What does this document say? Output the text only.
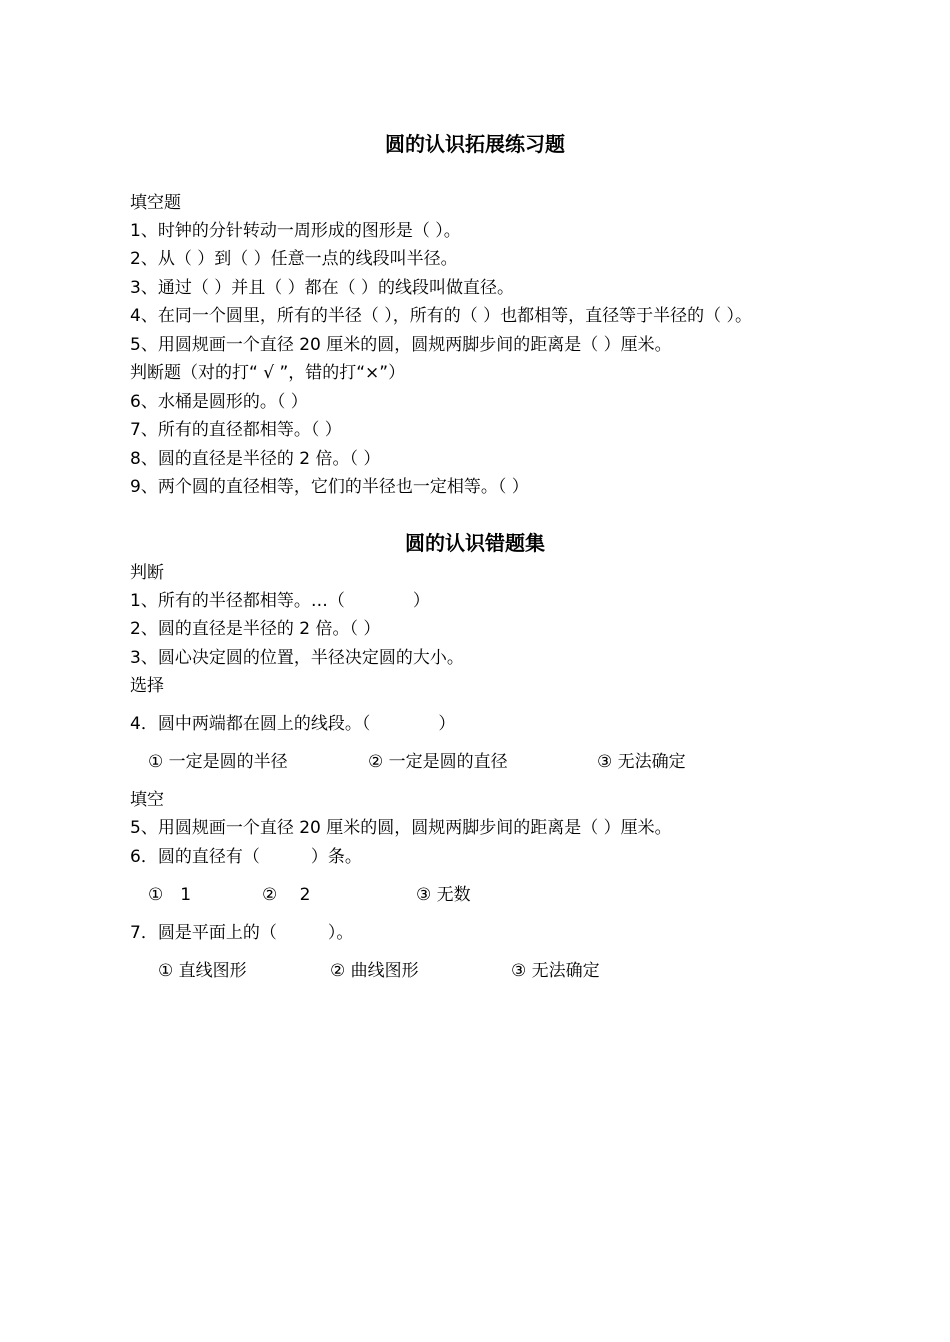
圆的认识拓展练习题
填空题
1、时钟的分针转动一周形成的图形是（ ）。
2、从（ ）到（ ）任意一点的线段叫半径。
3、通过（ ）并且（ ）都在（ ）的线段叫做直径。
4、在同一个圆里，所有的半径（ ），所有的（ ）也都相等，直径等于半径的（ ）。
5、用圆规画一个直径 20 厘米的圆，圆规两脚步间的距离是（ ）厘米。
判断题（对的打“ √ ”，错的打“×”）
6、水桶是圆形的。（ ）
7、所有的直径都相等。（ ）
8、圆的直径是半径的 2 倍。（ ）
9、两个圆的直径相等，它们的半径也一定相等。（ ）
圆的认识错题集
判断
1、所有的半径都相等。…（　　　　）
2、圆的直径是半径的 2 倍。（ ）
3、圆心决定圆的位置，半径决定圆的大小。
选择
4．圆中两端都在圆上的线段。（　　　　）
① 一定是圆的半径	② 一定是圆的直径	③ 无法确定
填空
5、用圆规画一个直径 20 厘米的圆，圆规两脚步间的距离是（ ）厘米。
6．圆的直径有（　　　）条。
①　1	②　 2	③ 无数
7．圆是平面上的（　　　）。
① 直线图形	② 曲线图形	③ 无法确定
